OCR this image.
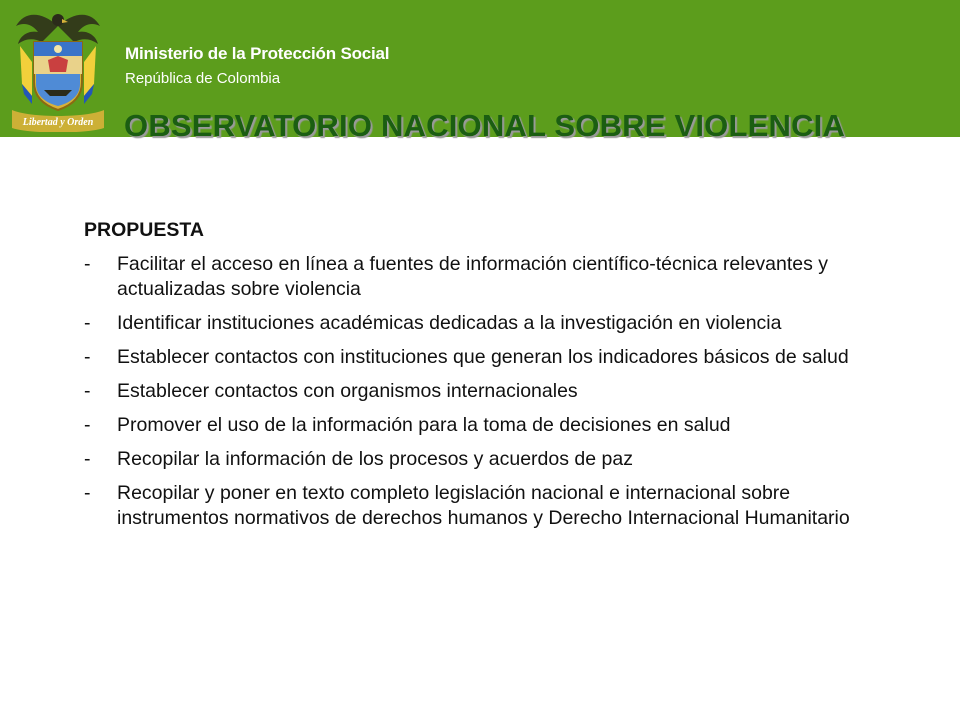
Libertad y Orden
Ministerio de la Protección Social
República de Colombia
OBSERVATORIO NACIONAL SOBRE VIOLENCIA
PROPUESTA
-	Facilitar el acceso en línea a fuentes de información científico-técnica relevantes y actualizadas sobre violencia
-	Identificar instituciones académicas dedicadas a la investigación en violencia
-	Establecer contactos con instituciones que generan los indicadores básicos de salud
-	Establecer contactos con organismos internacionales
-	Promover el uso de la información para la toma de decisiones en salud
-	Recopilar la información de los procesos y acuerdos de paz
-	Recopilar y poner en texto completo legislación nacional e internacional sobre instrumentos normativos de derechos humanos y Derecho Internacional Humanitario
